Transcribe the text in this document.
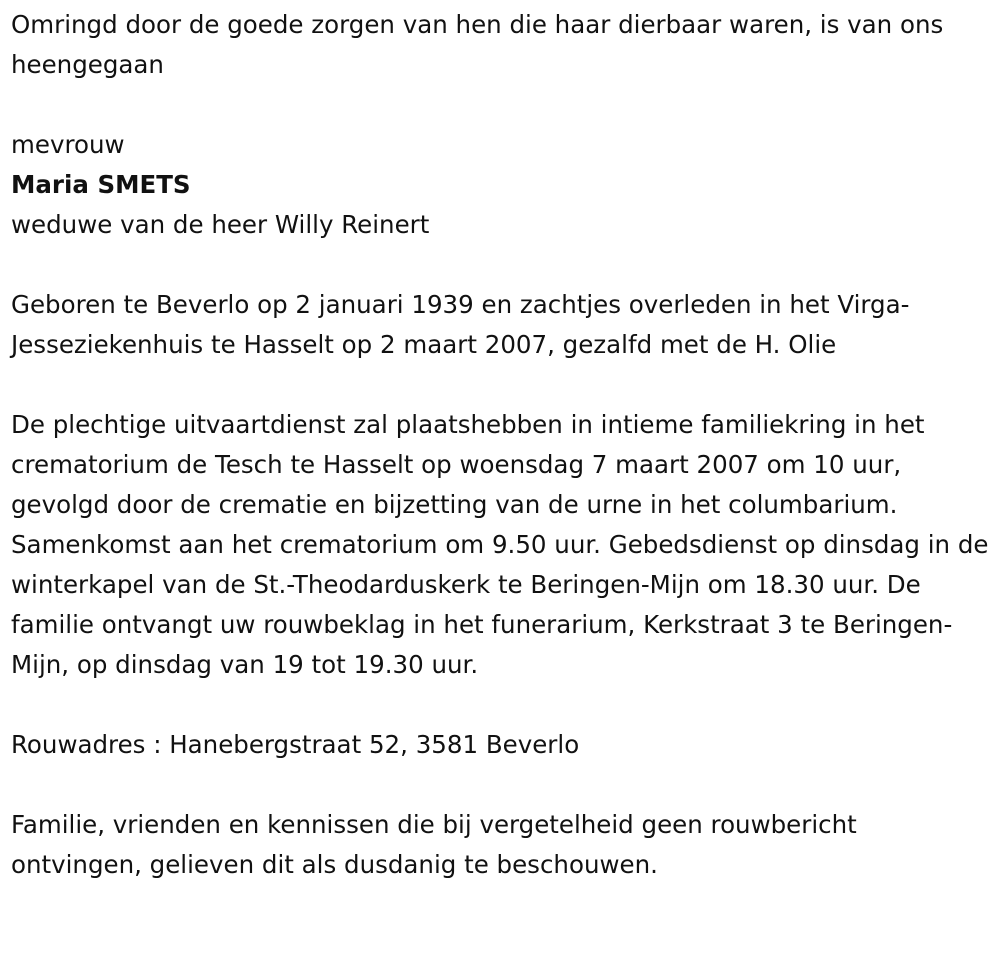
Omringd door de goede zorgen van hen die haar dierbaar waren, is van ons heengegaan

mevrouw

Maria SMETS

weduwe van de heer Willy Reinert

Geboren te Beverlo op 2 januari 1939 en zachtjes overleden in het Virga-Jesseziekenhuis te Hasselt op 2 maart 2007, gezalfd met de H. Olie

De plechtige uitvaartdienst zal plaatshebben in intieme familiekring in het crematorium de Tesch te Hasselt op woensdag 7 maart 2007 om 10 uur, gevolgd door de crematie en bijzetting van de urne in het columbarium. Samenkomst aan het crematorium om 9.50 uur. Gebedsdienst op dinsdag in de winterkapel van de St.-Theodarduskerk te Beringen-Mijn om 18.30 uur. De familie ontvangt uw rouwbeklag in het funerarium, Kerkstraat 3 te Beringen-Mijn, op dinsdag van 19 tot 19.30 uur.

Rouwadres : Hanebergstraat 52, 3581 Beverlo

Familie, vrienden en kennissen die bij vergetelheid geen rouwbericht ontvingen, gelieven dit als dusdanig te beschouwen.
